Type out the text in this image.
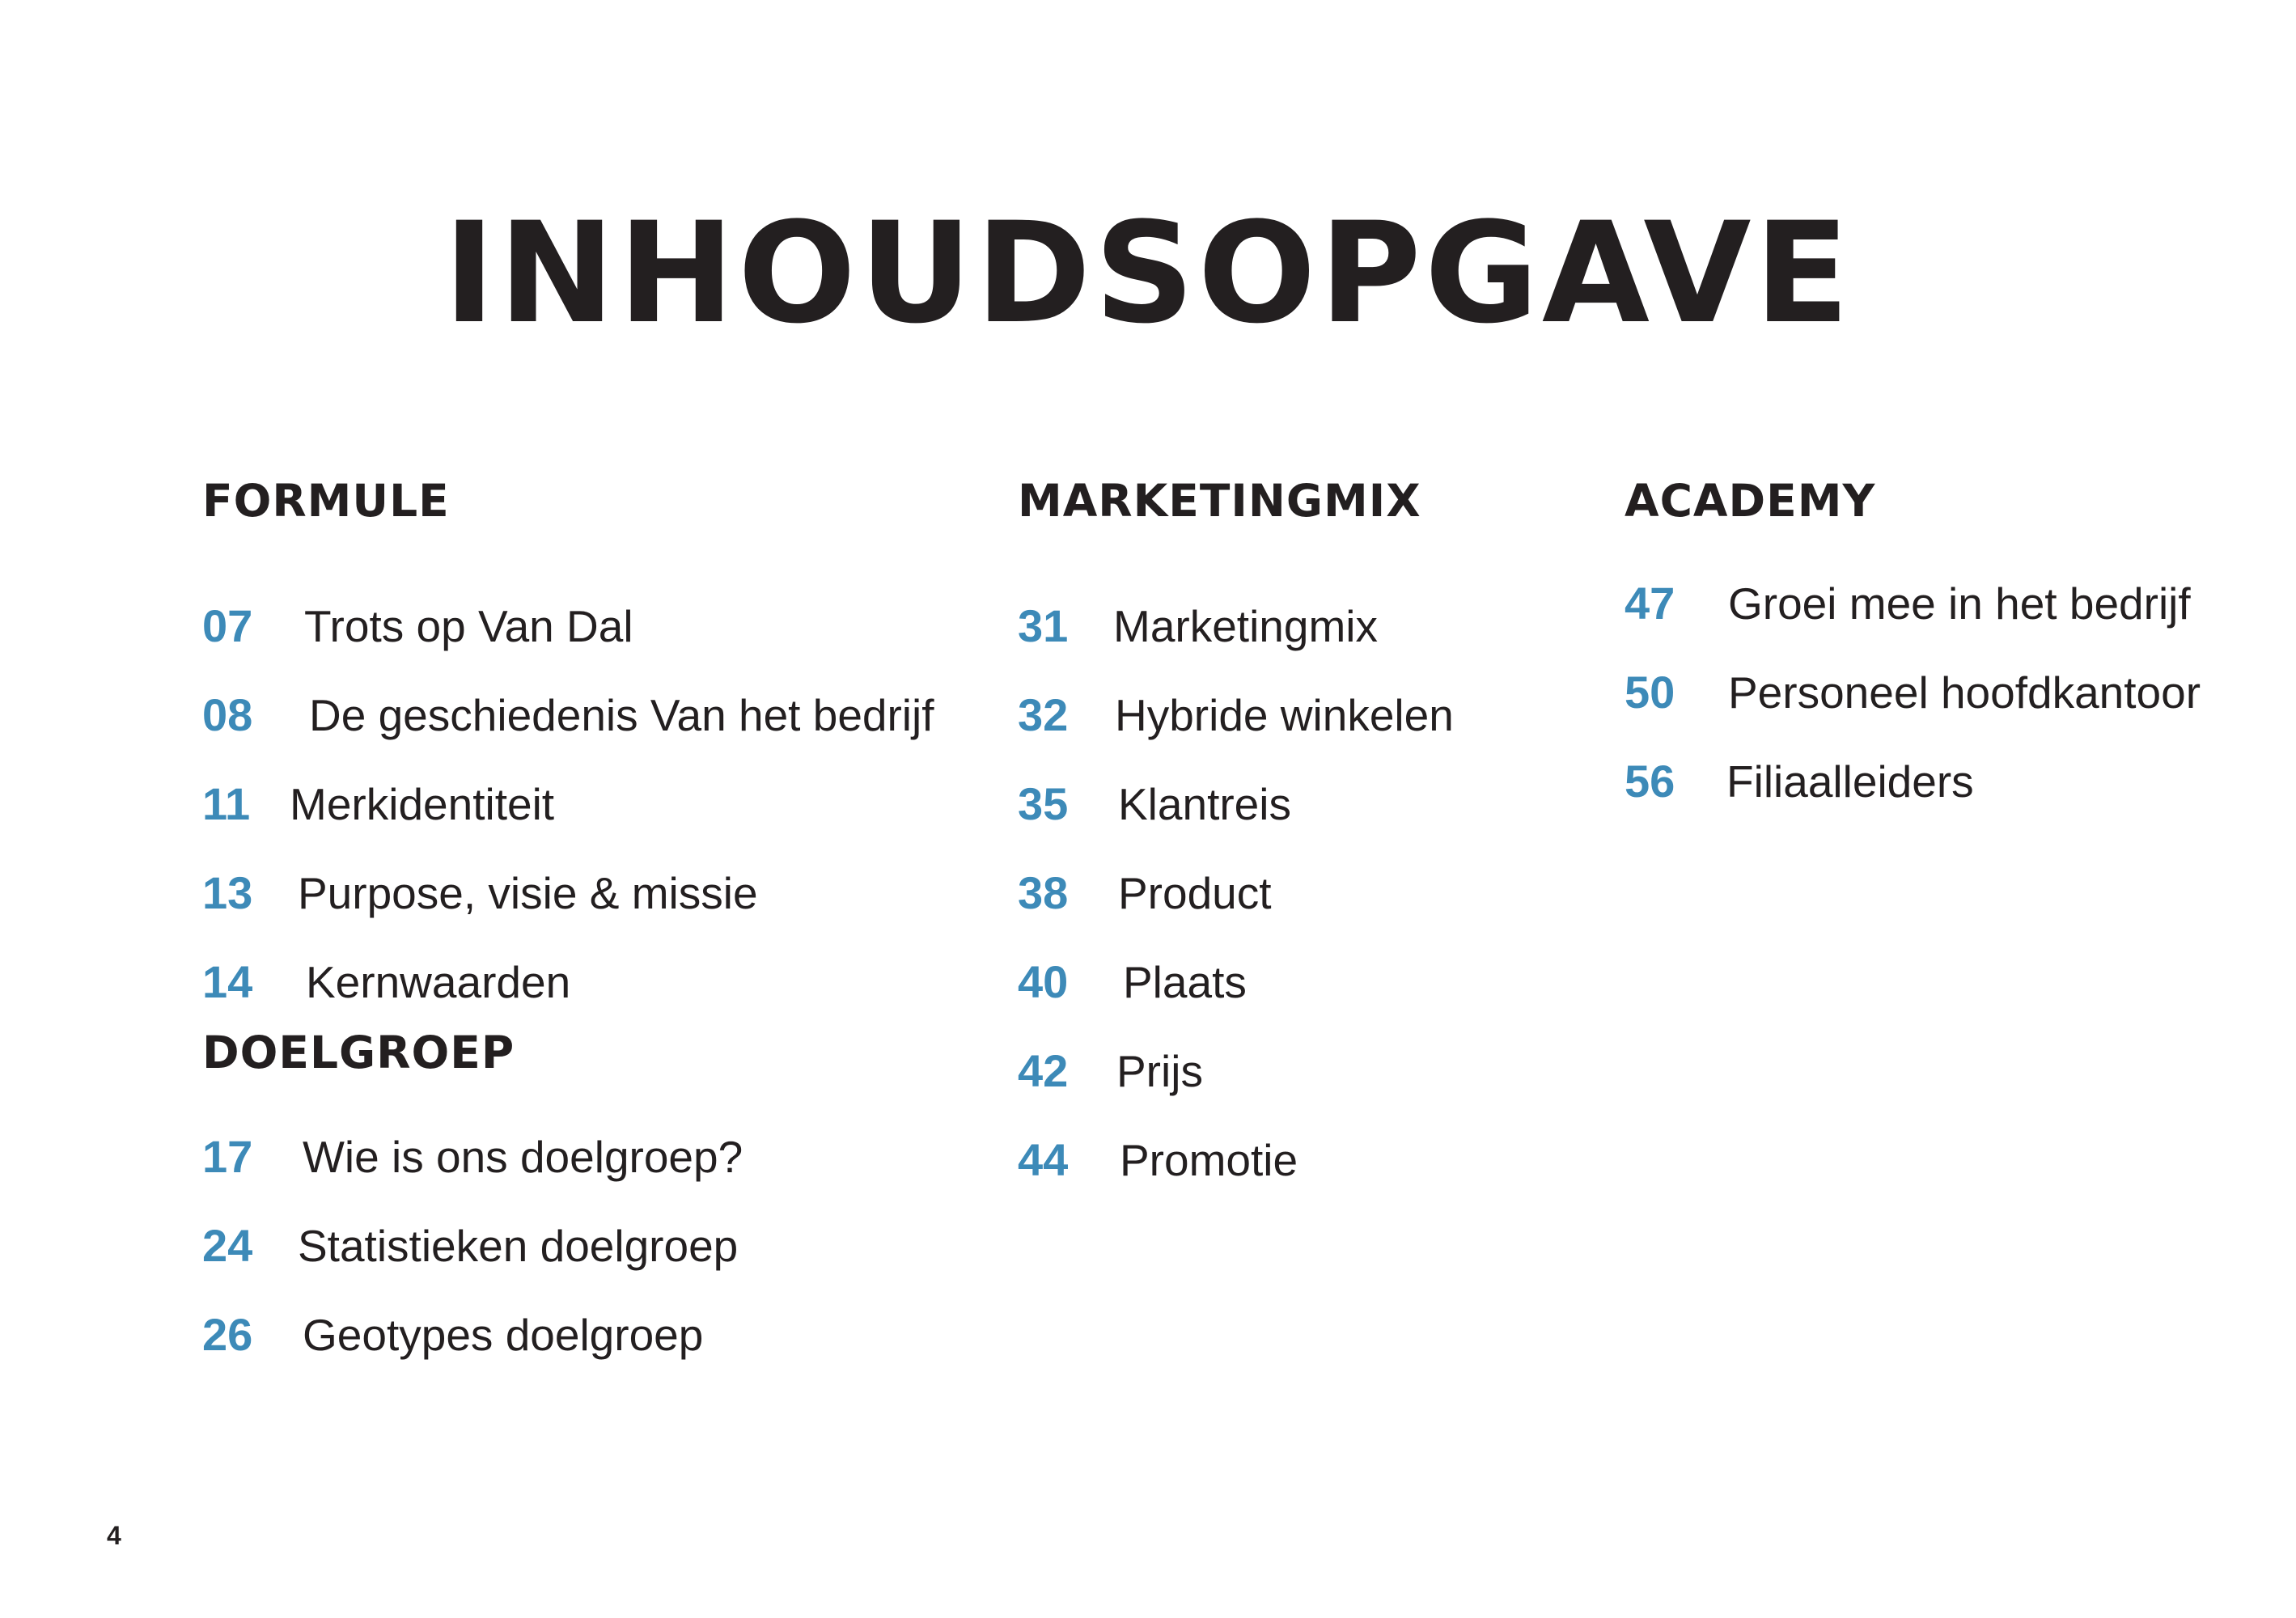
INHOUDSOPGAVE
FORMULE
07 Trots op Van Dal
08 De geschiedenis Van het bedrijf
11 Merkidentiteit
13 Purpose, visie & missie
14 Kernwaarden
DOELGROEP
17 Wie is ons doelgroep?
24 Statistieken doelgroep
26 Geotypes doelgroep
MARKETINGMIX
31 Marketingmix
32 Hybride winkelen
35 Klantreis
38 Product
40 Plaats
42 Prijs
44 Promotie
ACADEMY
47 Groei mee in het bedrijf
50 Personeel hoofdkantoor
56 Filiaalleiders
4
